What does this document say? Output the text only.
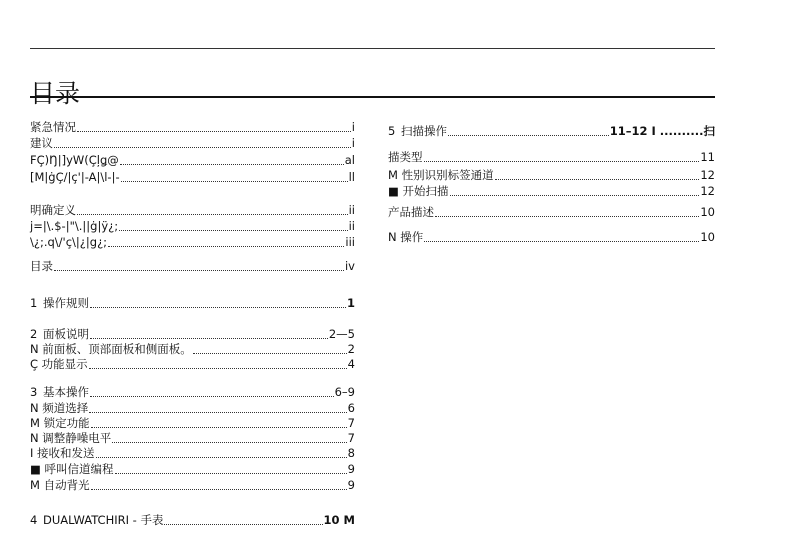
目录
紧急情况	i
建议	i
FÇ)Ŋ|]yW(Çļǥ@	al
[M|ġÇ/|ç'|-A|\l-|-	ll
明确定义	ii
j=|\.$-|"\.||ġ|ÿ¿;	ii
\¿;.q\/'ç\|¿|g¿;	iii
目录	iv
1 操作规则	1
2 面板说明	2—5
N 前面板、顶部面板和侧面板。	2
Ç 功能显示	4
3 基本操作	6–9
N 频道选择	6
M 锁定功能	7
N 调整静噪电平	7
I 接收和发送	8
■ 呼叫信道编程	9
M 自动背光	9
4 DUALWATCHIRI - 手表	10 M
5 扫描操作	11–12 I ..........扫
描类型	11
M 性别识别标签通道	12
■ 开始扫描	12
产品描述	10
N 操作	10
